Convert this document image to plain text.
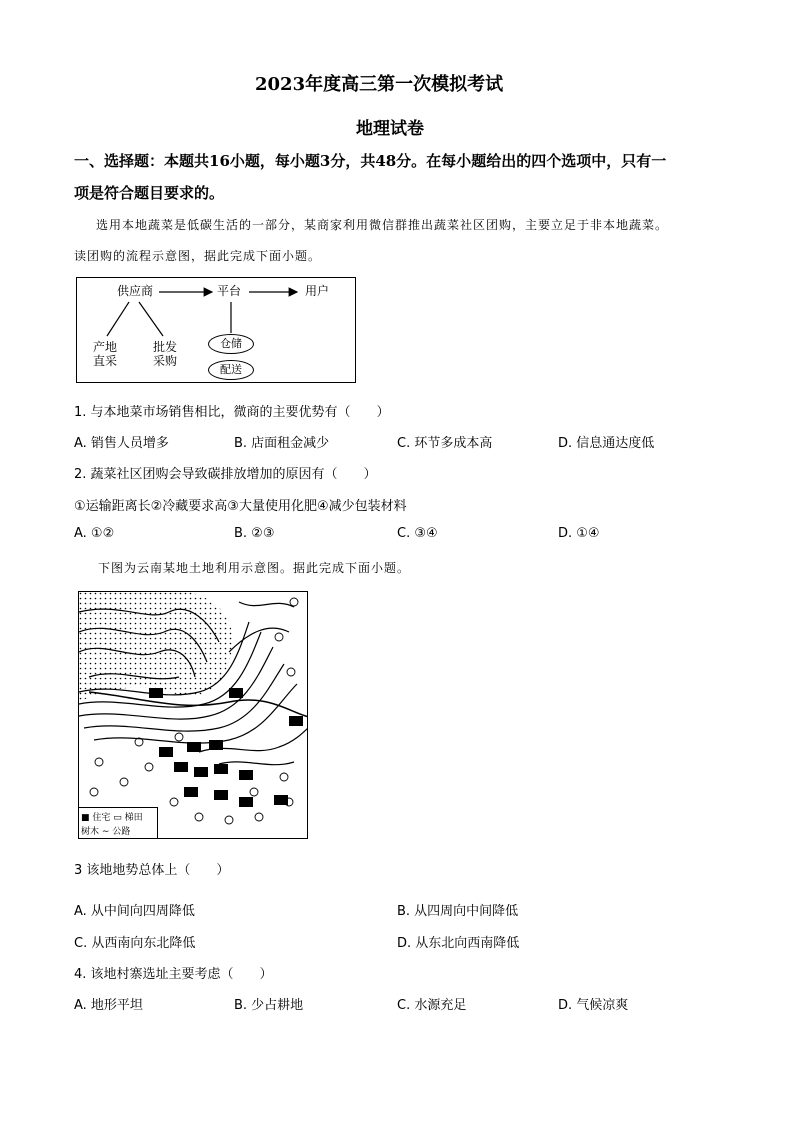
2023年度高三第一次模拟考试
地理试卷
一、选择题：本题共16小题，每小题3分，共48分。在每小题给出的四个选项中，只有一
项是符合题目要求的。
选用本地蔬菜是低碳生活的一部分，某商家利用微信群推出蔬菜社区团购，主要立足于非本地蔬菜。
读团购的流程示意图，据此完成下面小题。
供应商	平台	用户
产地
直采
批发
采购
仓储
配送
1. 与本地菜市场销售相比，微商的主要优势有（　　）
A. 销售人员增多	B. 店面租金减少	C. 环节多成本高	D. 信息通达度低
2. 蔬菜社区团购会导致碳排放增加的原因有（　　）
①运输距离长②冷藏要求高③大量使用化肥④减少包装材料
A. ①②	B. ②③	C. ③④	D. ①④
下图为云南某地土地利用示意图。据此完成下面小题。
■ 住宅 ▭ 梯田
树木 ∼ 公路
3 该地地势总体上（　　）
A. 从中间向四周降低	B. 从四周向中间降低
C. 从西南向东北降低	D. 从东北向西南降低
4. 该地村寨选址主要考虑（　　）
A. 地形平坦	B. 少占耕地	C. 水源充足	D. 气候凉爽
